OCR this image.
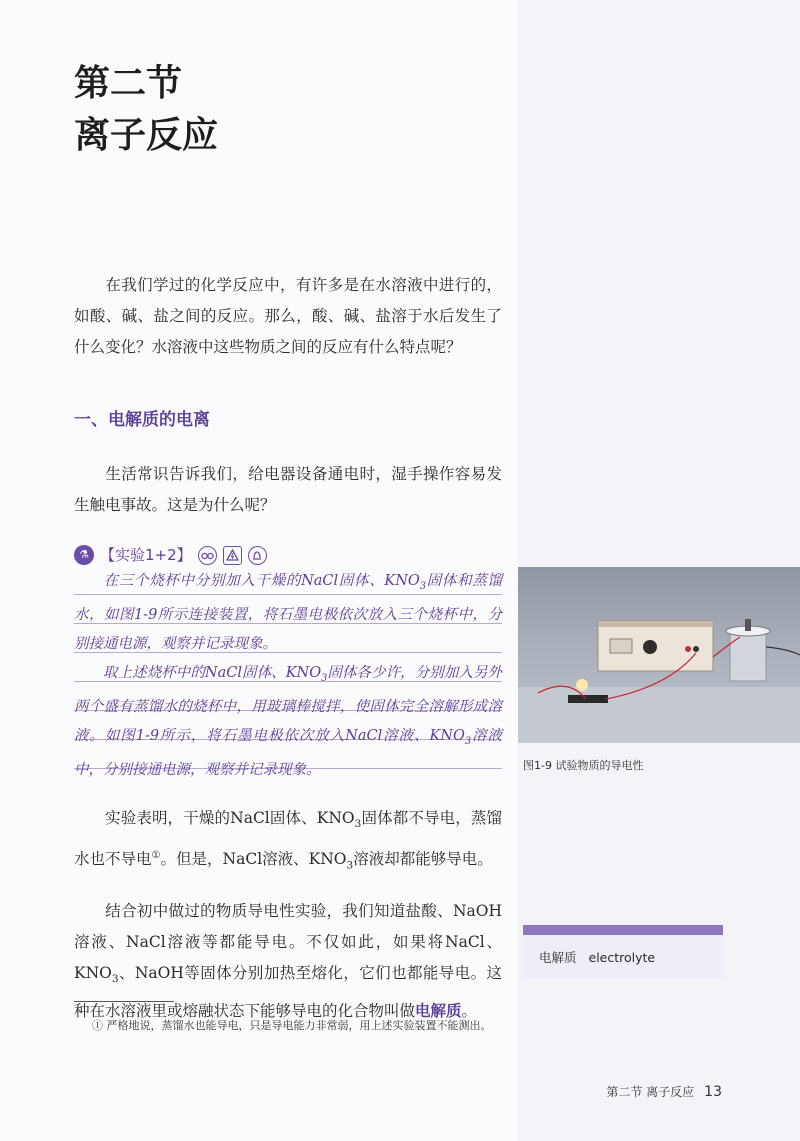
第二节
离子反应
在我们学过的化学反应中，有许多是在水溶液中进行的，如酸、碱、盐之间的反应。那么，酸、碱、盐溶于水后发生了什么变化？水溶液中这些物质之间的反应有什么特点呢？
一、电解质的电离
生活常识告诉我们，给电器设备通电时，湿手操作容易发生触电事故。这是为什么呢？
⚗ 【实验1+2】

在三个烧杯中分别加入干燥的NaCl固体、$KNO_3$固体和蒸馏水，如图1-9所示连接装置，将石墨电极依次放入三个烧杯中，分别接通电源，观察并记录现象。

取上述烧杯中的NaCl固体、$KNO_3$固体各少许，分别加入另外两个盛有蒸馏水的烧杯中，用玻璃棒搅拌，使固体完全溶解形成溶液。如图1-9所示，将石墨电极依次放入NaCl溶液、$KNO_3$溶液中，分别接通电源，观察并记录现象。	图1-9 试验物质的导电性
实验表明，干燥的NaCl固体、$KNO_3$固体都不导电，蒸馏水也不导电①。但是，NaCl溶液、$KNO_3$溶液却都能够导电。
结合初中做过的物质导电性实验，我们知道盐酸、NaOH溶液、NaCl溶液等都能导电。不仅如此，如果将NaCl、$KNO_3$、NaOH等固体分别加热至熔化，它们也都能导电。这种在水溶液里或熔融状态下能够导电的化合物叫做电解质。
电解质 electrolyte
① 严格地说，蒸馏水也能导电，只是导电能力非常弱，用上述实验装置不能测出。
第二节 离子反应 13
